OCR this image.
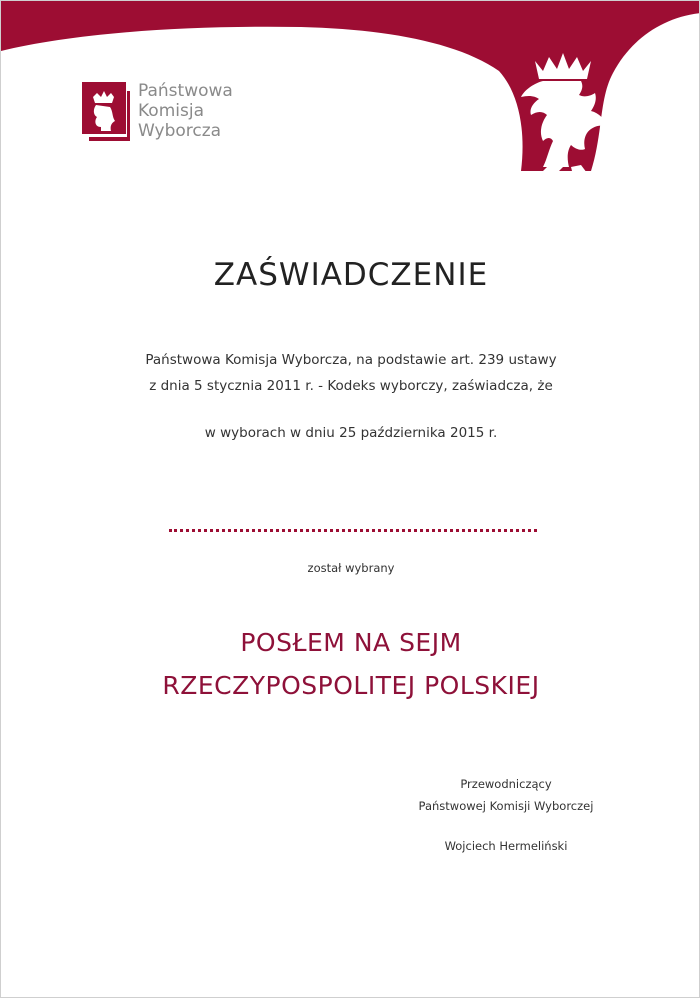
Państwowa
Komisja
Wyborcza
ZAŚWIADCZENIE
Państwowa Komisja Wyborcza, na podstawie art. 239 ustawy
z dnia 5 stycznia 2011 r. - Kodeks wyborczy, zaświadcza, że
w wyborach w dniu 25 października 2015 r.
został wybrany
POSŁEM NA SEJM
RZECZYPOSPOLITEJ POLSKIEJ
Przewodniczący
Państwowej Komisji Wyborczej
Wojciech Hermeliński
